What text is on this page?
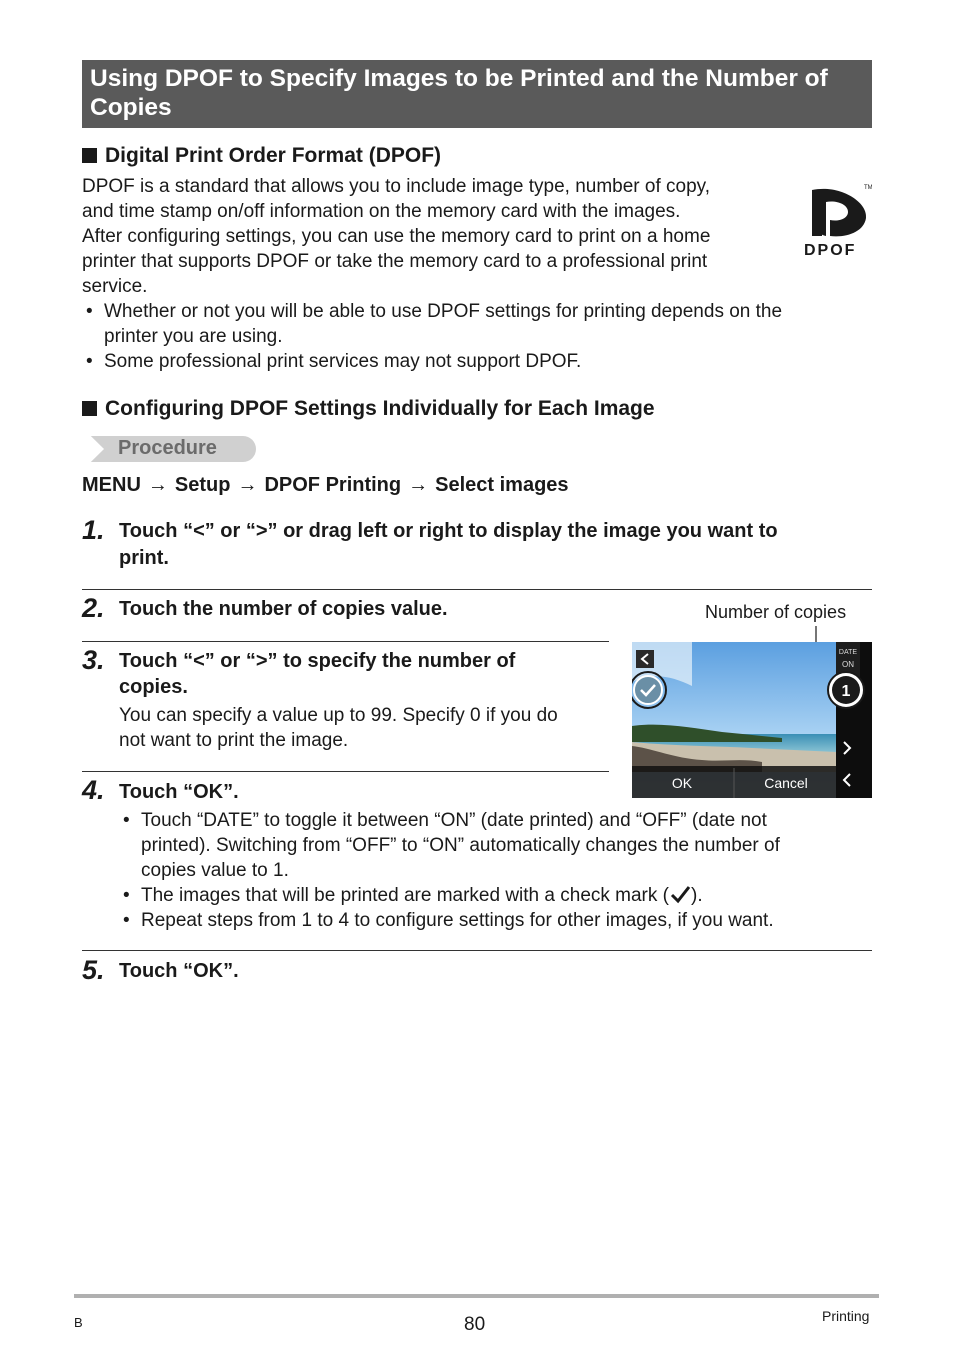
Using DPOF to Specify Images to be Printed and the Number of Copies
Digital Print Order Format (DPOF)
DPOF is a standard that allows you to include image type, number of copy,
and time stamp on/off information on the memory card with the images.
After configuring settings, you can use the memory card to print on a home
printer that supports DPOF or take the memory card to a professional print
service.
TM
DPOF
• Whether or not you will be able to use DPOF settings for printing depends on the
printer you are using.
• Some professional print services may not support DPOF.
Configuring DPOF Settings Individually for Each Image
Procedure
MENU → Setup → DPOF Printing → Select images
1. Touch “<” or “>” or drag left or right to display the image you want to
print.
2. Touch the number of copies value.
3. Touch “<” or “>” to specify the number of
copies.
You can specify a value up to 99. Specify 0 if you do
not want to print the image.
Number of copies
OK	Cancel
DATE
ON
1
4. Touch “OK”.
• Touch “DATE” to toggle it between “ON” (date printed) and “OFF” (date not
printed). Switching from “OFF” to “ON” automatically changes the number of
copies value to 1.
• The images that will be printed are marked with a check mark ( ).
• Repeat steps from 1 to 4 to configure settings for other images, if you want.
5. Touch “OK”.
B	80	Printing
